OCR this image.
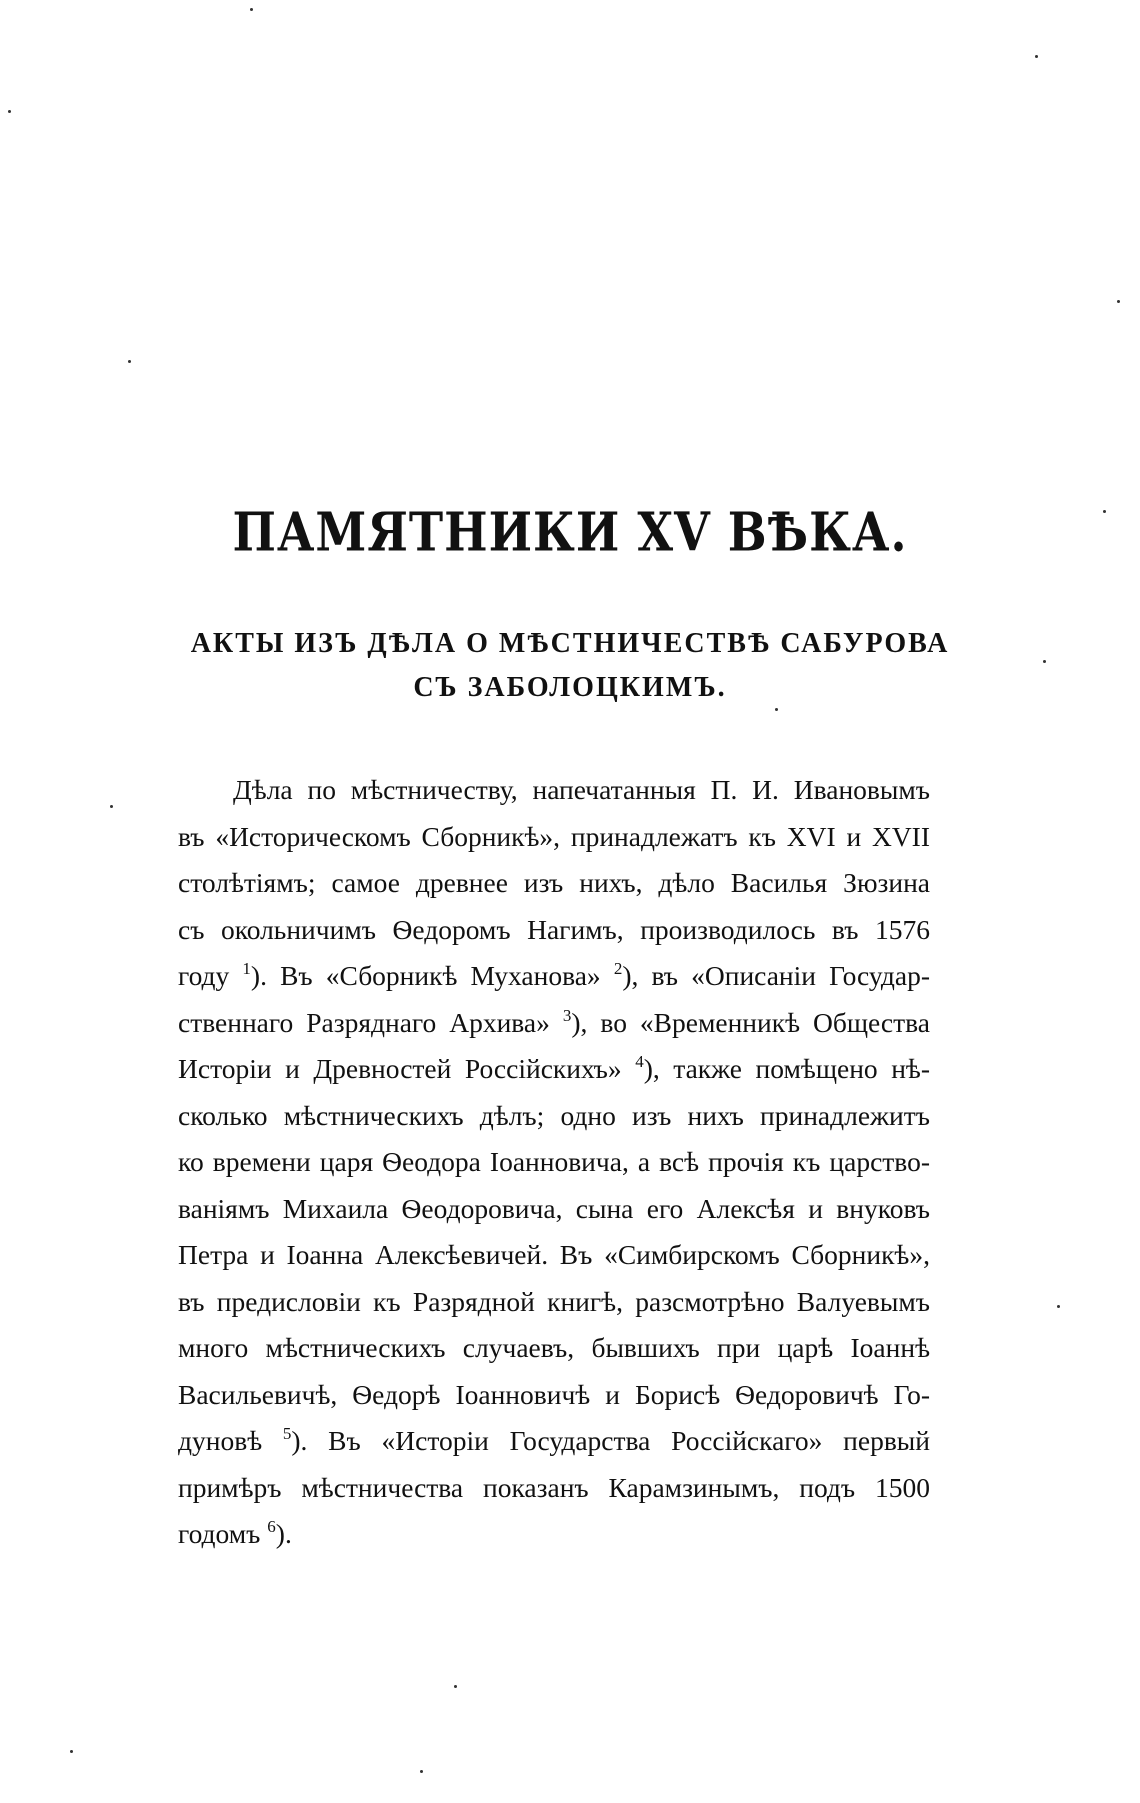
ПАМЯТНИКИ XV ВѢКА.
АКТЫ ИЗЪ ДѢЛА О МѢСТНИЧЕСТВѢ САБУРОВА
СЪ ЗАБОЛОЦКИМЪ.

Дѣла по мѣстничеству, напечатанныя П. И. Ивановымъ
въ «Историческомъ Сборникѣ», принадлежатъ къ XVI и XVII
столѣтіямъ; самое древнее изъ нихъ, дѣло Василья Зюзина
съ окольничимъ Ѳедоромъ Нагимъ, производилось въ 1576
году $^1$). Въ «Сборникѣ Муханова» $^2$), въ «Описаніи Государ-
ственнаго Разряднаго Архива» $^3$), во «Временникѣ Общества
Исторіи и Древностей Россійскихъ» $^4$), также помѣщено нѣ-
сколько мѣстническихъ дѣлъ; одно изъ нихъ принадлежитъ
ко времени царя Ѳеодора Іоанновича, а всѣ прочія къ царство-
ваніямъ Михаила Ѳеодоровича, сына его Алексѣя и внуковъ
Петра и Іоанна Алексѣевичей. Въ «Симбирскомъ Сборникѣ»,
въ предисловіи къ Разрядной книгѣ, разсмотрѣно Валуевымъ
много мѣстническихъ случаевъ, бывшихъ при царѣ Іоаннѣ
Васильевичѣ, Ѳедорѣ Іоанновичѣ и Борисѣ Ѳедоровичѣ Го-
дуновѣ $^5$). Въ «Исторіи Государства Россійскаго» первый
примѣръ мѣстничества показанъ Карамзинымъ, подъ 1500
годомъ $^6$).
